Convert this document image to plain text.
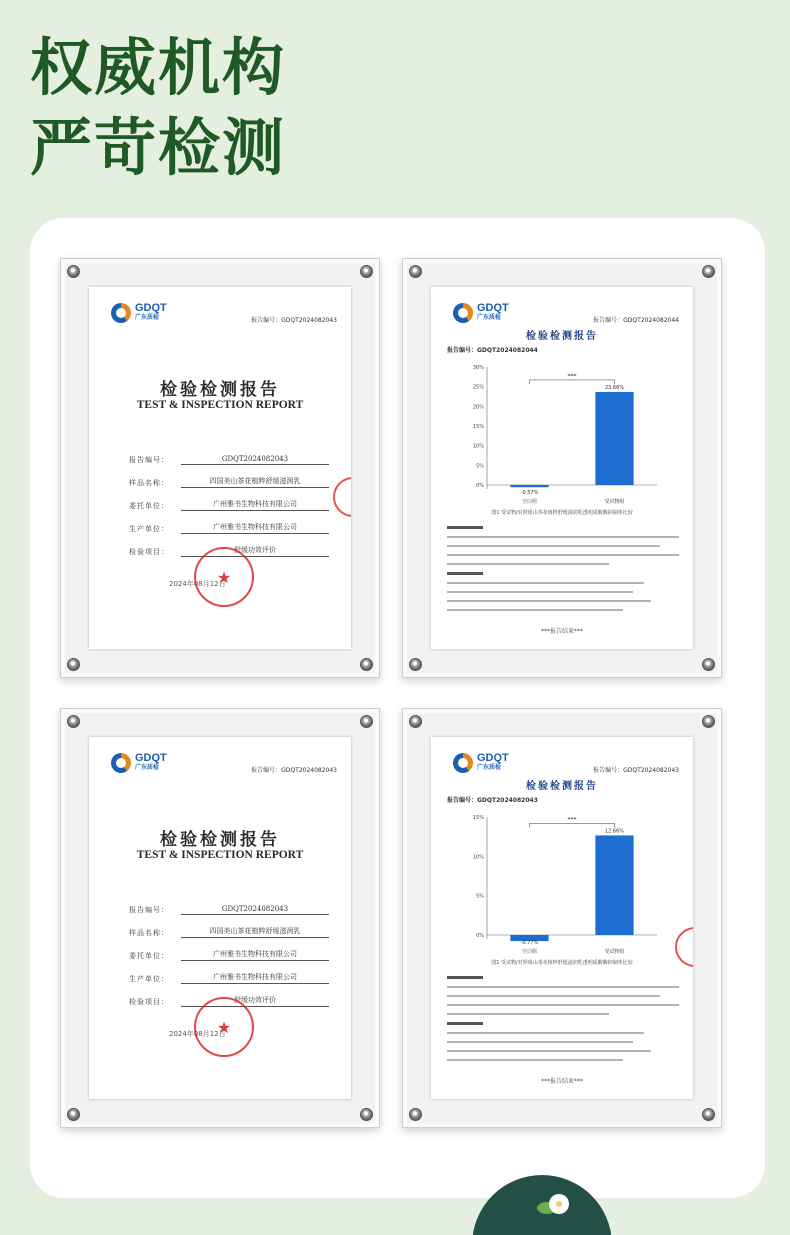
权威机构
严苛检测
GDQT
广东质检	报告编号：GDQT2024082043
检验检测报告
TEST & INSPECTION REPORT
报告编号：	GDQT2024082043
样品名称：	四国美山茶花植粹舒缓滋润乳
委托单位：	广州雅书生物科技有限公司
生产单位：	广州雅书生物科技有限公司
检验项目：	舒缓功效评价
★
2024年08月12日
GDQT
广东质检	报告编号：GDQT2024082044
检验检测报告
报告编号：GDQT2024082044
0%
5%
10%
15%
20%
25%
30%
-0.57%
空白组
23.66%
受试物组
***
图1 受试物/对照组山茶花植粹舒缓滋润乳透明质酸酶抑制率比较
***报告结束***
GDQT
广东质检	报告编号：GDQT2024082043
检验检测报告
TEST & INSPECTION REPORT
报告编号：	GDQT2024082043
样品名称：	四国美山茶花植粹舒缓滋润乳
委托单位：	广州雅书生物科技有限公司
生产单位：	广州雅书生物科技有限公司
检验项目：	舒缓功效评价
★
2024年08月12日
GDQT
广东质检	报告编号：GDQT2024082043
检验检测报告
报告编号：GDQT2024082043
0%
5%
10%
15%
-0.77%
空白组
12.66%
受试物组
***
图1 受试物/对照组山茶花植粹舒缓滋润乳透明质酸酶抑制率比较
***报告结束***
